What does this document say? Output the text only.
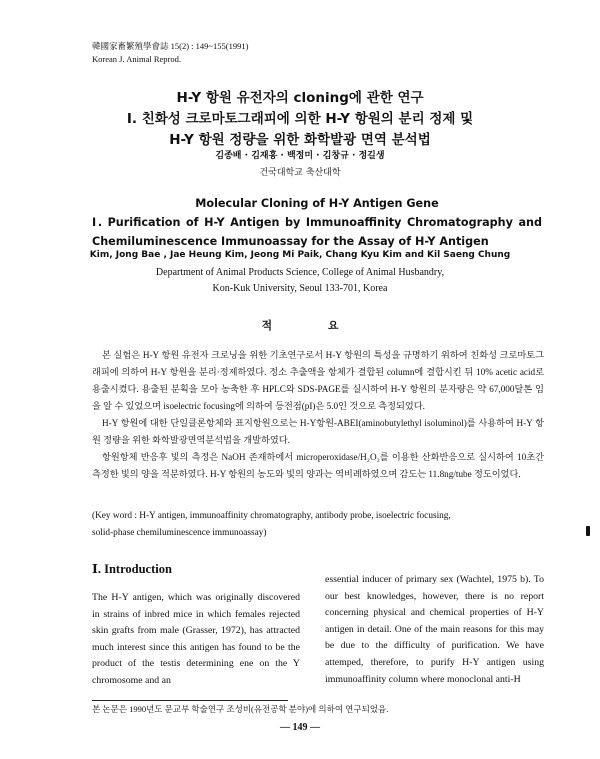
韓國家畜繁殖學會誌 15(2) : 149~155(1991)
Korean J. Animal Reprod.
H-Y 항원 유전자의 cloning에 관한 연구
Ⅰ. 친화성 크로마토그래피에 의한 H-Y 항원의 분리 정제 및
H-Y 항원 정량을 위한 화학발광 면역 분석법
김종배 · 김재홍 · 백정미 · 김창규 · 정길생
건국대학교 축산대학
Molecular Cloning of H-Y Antigen Gene
Ⅰ. Purification of H-Y Antigen by Immunoaffinity Chromatography and
Chemiluminescence Immunoassay for the Assay of H-Y Antigen
Kim, Jong Bae , Jae Heung Kim, Jeong Mi Paik, Chang Kyu Kim and Kil Saeng Chung
Department of Animal Products Science, College of Animal Husbandry,
Kon-Kuk University, Seoul 133-701, Korea
적 요

본 실험은 H-Y 항원 유전자 크로닝을 위한 기초연구로서 H-Y 항원의 특성을 규명하기 위하여 친화성 크로마토그래피에 의하여 H-Y 항원을 분리·정제하였다. 정소 추출액을 항체가 결합된 column에 결합시킨 뒤 10% acetic acid로 용출시켰다. 용출된 분획을 모아 농축한 후 HPLC와 SDS-PAGE를 실시하여 H-Y 항원의 분자량은 약 67,000달톤 임을 알 수 있었으며 isoelectric focusing에 의하여 등전점(pI)은 5.0인 것으로 측정되었다.

H-Y 항원에 대한 단일클론항체와 표지항원으로는 H-Y항원-ABEI(aminobutylethyl isoluminol)를 사용하여 H-Y 항원 정량을 위한 화학발광면역분석법을 개발하였다.

항원항체 반응후 빛의 측정은 NaOH 존재하에서 microperoxidase/H₂O₂를 이용한 산화반응으로 실시하여 10초간 측정한 빛의 양을 적분하였다. H-Y 항원의 농도와 빛의 양과는 역비례하였으며 감도는 11.8ng/tube 정도이었다.

(Key word : H-Y antigen, immunoaffinity chromatography, antibody probe, isoelectric focusing,
solid-phase chemiluminescence immunoassay)
Ⅰ. Introduction

The H-Y antigen, which was originally discovered in strains of inbred mice in which females rejected skin grafts from male (Grasser, 1972), has attracted much interest since this antigen has found to be the product of the testis determining ene on the Y chromosome and an

essential inducer of primary sex (Wachtel, 1975 b). To our best knowledges, however, there is no report concerning physical and chemical properties of H-Y antigen in detail. One of the main reasons for this may be due to the difficulty of purification. We have attemped, therefore, to purify H-Y antigen using immunoaffinity column where monoclonal anti-H

본 논문은 1990년도 문교부 학술연구 조성비(유전공학 분야)에 의하여 연구되었음.
— 149 —
